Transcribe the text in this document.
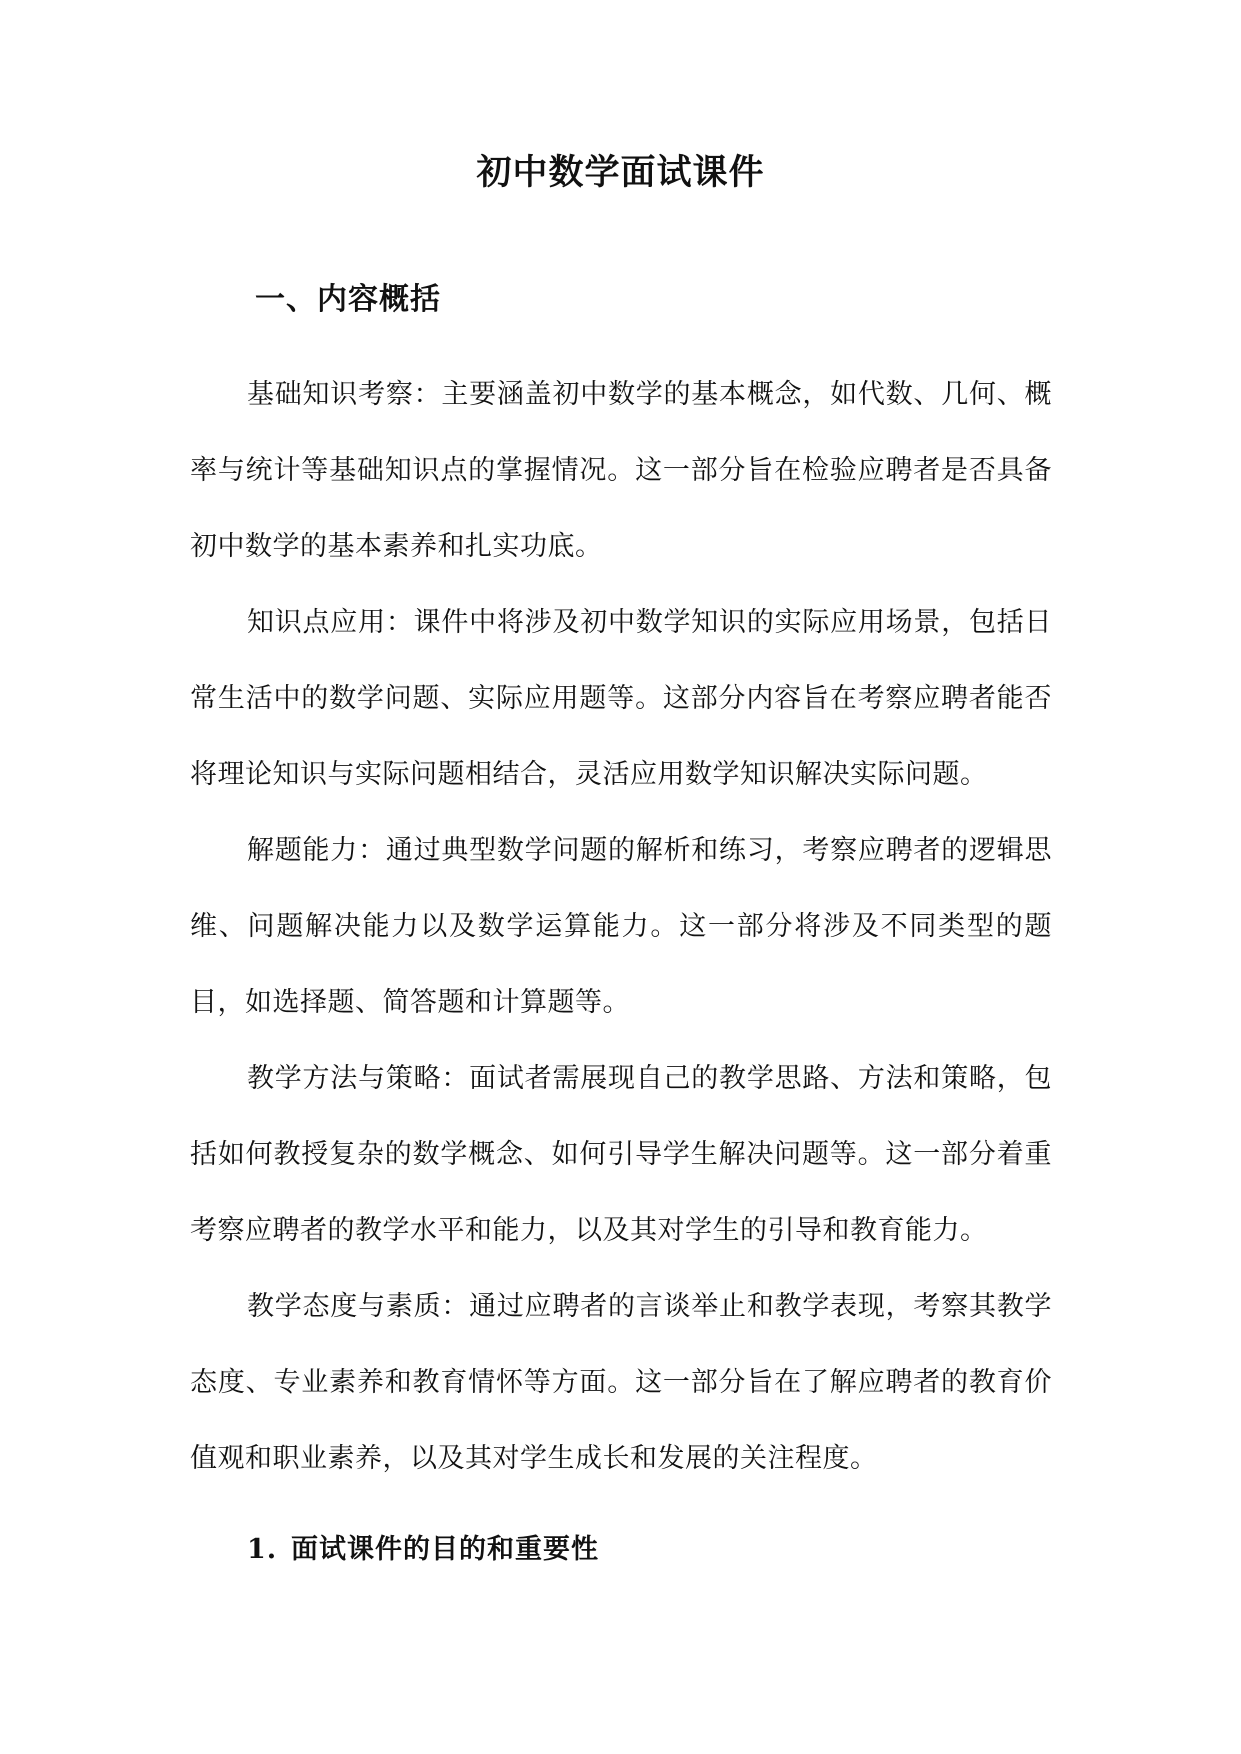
初中数学面试课件
一、内容概括

基础知识考察：主要涵盖初中数学的基本概念，如代数、几何、概率与统计等基础知识点的掌握情况。这一部分旨在检验应聘者是否具备初中数学的基本素养和扎实功底。

知识点应用：课件中将涉及初中数学知识的实际应用场景，包括日常生活中的数学问题、实际应用题等。这部分内容旨在考察应聘者能否将理论知识与实际问题相结合，灵活应用数学知识解决实际问题。

解题能力：通过典型数学问题的解析和练习，考察应聘者的逻辑思维、问题解决能力以及数学运算能力。这一部分将涉及不同类型的题目，如选择题、简答题和计算题等。

教学方法与策略：面试者需展现自己的教学思路、方法和策略，包括如何教授复杂的数学概念、如何引导学生解决问题等。这一部分着重考察应聘者的教学水平和能力，以及其对学生的引导和教育能力。

教学态度与素质：通过应聘者的言谈举止和教学表现，考察其教学态度、专业素养和教育情怀等方面。这一部分旨在了解应聘者的教育价值观和职业素养，以及其对学生成长和发展的关注程度。

1. 面试课件的目的和重要性
